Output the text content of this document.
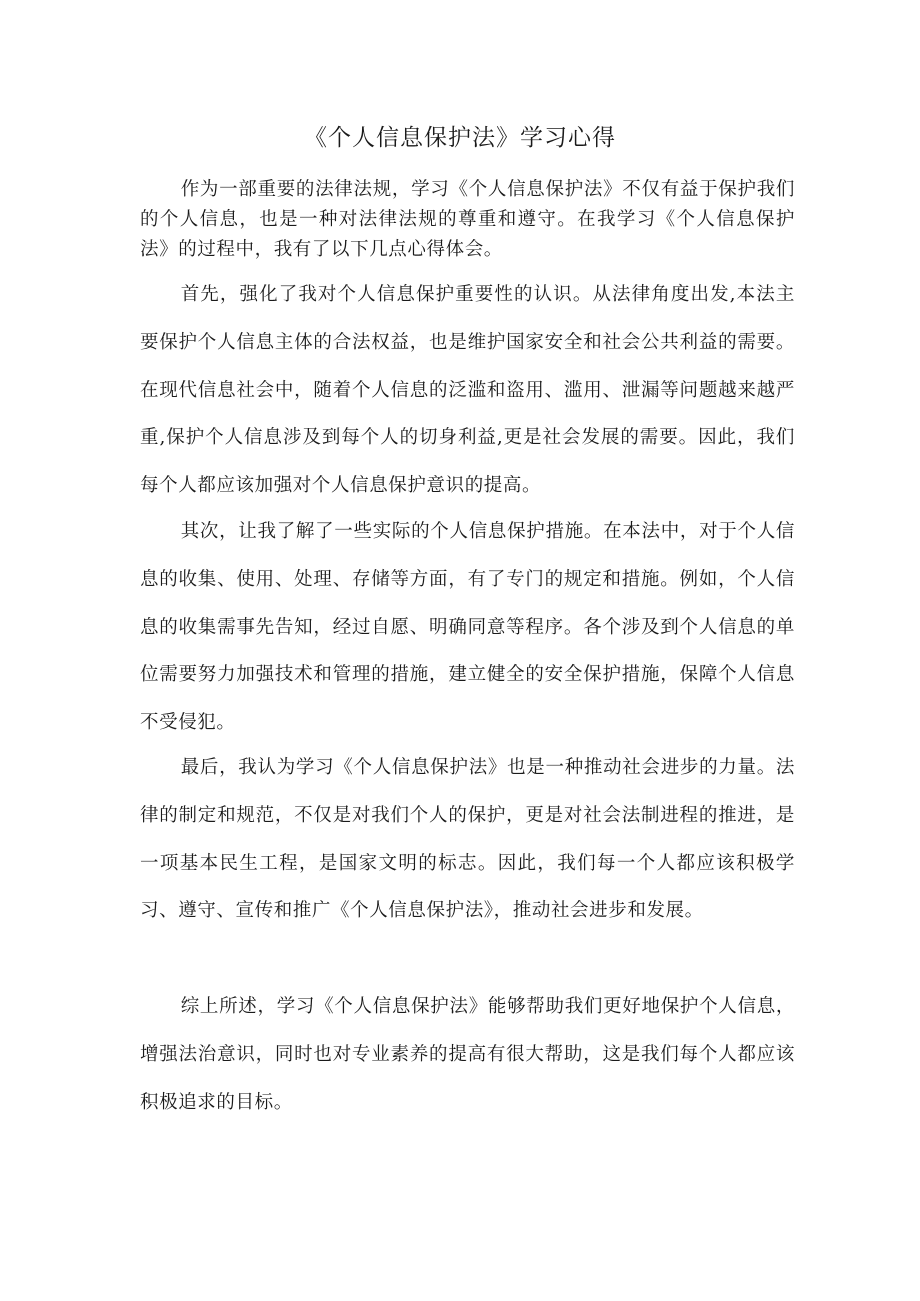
《个人信息保护法》学习心得

作为一部重要的法律法规，学习《个人信息保护法》不仅有益于保护我们的个人信息，也是一种对法律法规的尊重和遵守。在我学习《个人信息保护法》的过程中，我有了以下几点心得体会。

首先，强化了我对个人信息保护重要性的认识。从法律角度出发,本法主要保护个人信息主体的合法权益，也是维护国家安全和社会公共利益的需要。在现代信息社会中，随着个人信息的泛滥和盗用、滥用、泄漏等问题越来越严重,保护个人信息涉及到每个人的切身利益,更是社会发展的需要。因此，我们每个人都应该加强对个人信息保护意识的提高。

其次，让我了解了一些实际的个人信息保护措施。在本法中，对于个人信息的收集、使用、处理、存储等方面，有了专门的规定和措施。例如，个人信息的收集需事先告知，经过自愿、明确同意等程序。各个涉及到个人信息的单位需要努力加强技术和管理的措施，建立健全的安全保护措施，保障个人信息不受侵犯。

最后，我认为学习《个人信息保护法》也是一种推动社会进步的力量。法律的制定和规范，不仅是对我们个人的保护，更是对社会法制进程的推进，是一项基本民生工程，是国家文明的标志。因此，我们每一个人都应该积极学习、遵守、宣传和推广《个人信息保护法》，推动社会进步和发展。

综上所述，学习《个人信息保护法》能够帮助我们更好地保护个人信息，增强法治意识，同时也对专业素养的提高有很大帮助，这是我们每个人都应该积极追求的目标。
